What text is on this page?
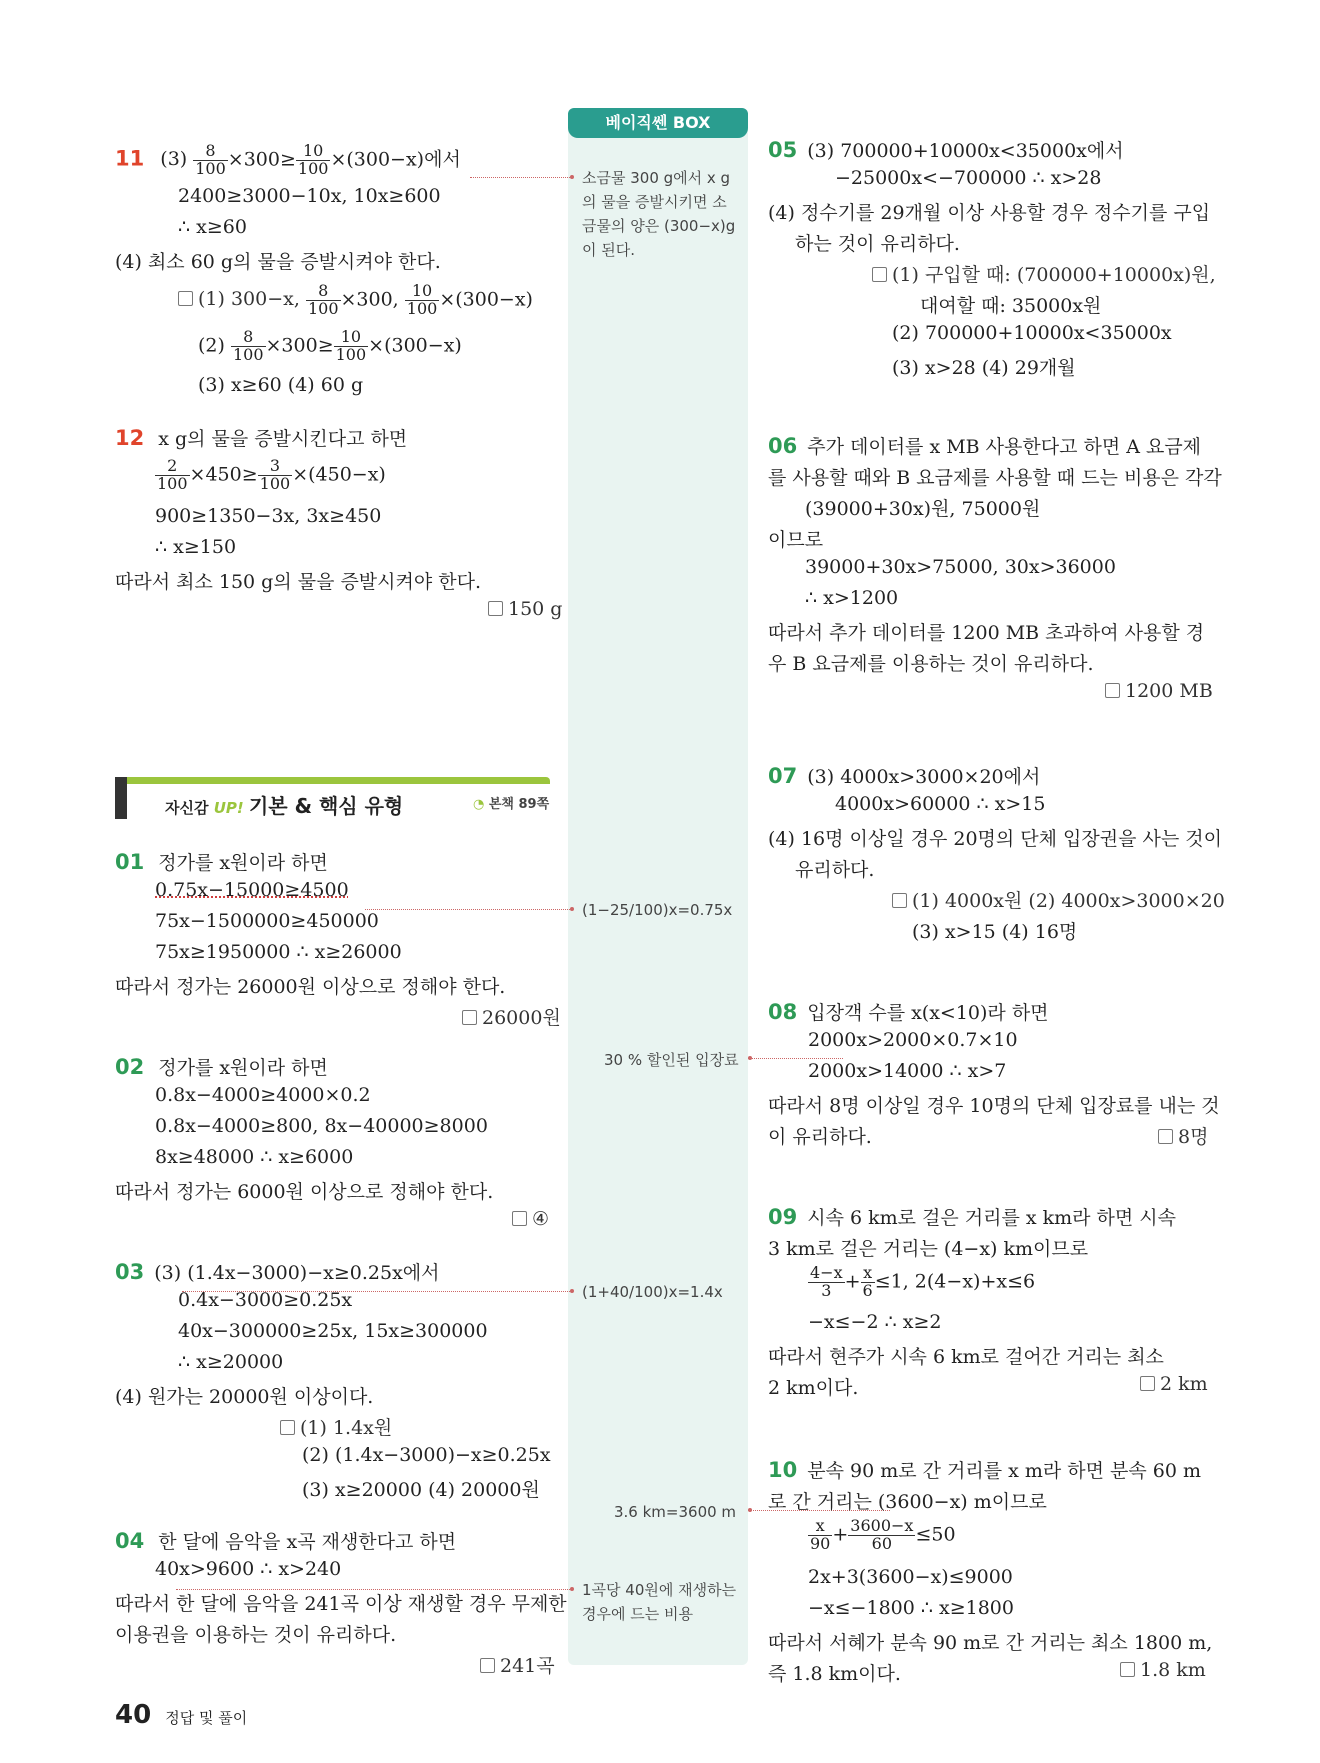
베이직쎈 BOX
소금물 300 g에서 x g의 물을 증발시키면 소금물의 양은 (300−x)g이 된다.
(1−25/100)x=0.75x
30 % 할인된 입장료
(1+40/100)x=1.4x
3.6 km=3600 m
1곡당 40원에 재생하는 경우에 드는 비용
11 $(3) \frac{8}{100} \times 300\ge \frac{10}{100} \times(300-x)$에서
2400≥3000−10x, 10x≥600
∴ x≥60
(4) 최소 60 g의 물을 증발시켜야 한다.
(1) 300−x, $\frac{8}{100} \times 300$, $\frac{10}{100} \times(300-x)$
$(2) \frac{8}{100} \times 300\ge \frac{10}{100} \times(300-x)$
(3) x≥60 (4) 60 g
12 x g의 물을 증발시킨다고 하면
$\frac{2}{100} \times 450\ge \frac{3}{100} \times(450-x)$
900≥1350−3x, 3x≥450
∴ x≥150
따라서 최소 150 g의 물을 증발시켜야 한다.
150 g
자신감 UP! 기본 & 핵심 유형	◔ 본책 89쪽
01 정가를 x원이라 하면
0.75x−15000≥4500
75x−1500000≥450000
75x≥1950000 ∴ x≥26000
따라서 정가는 26000원 이상으로 정해야 한다.
26000원
02 정가를 x원이라 하면
0.8x−4000≥4000×0.2
0.8x−4000≥800, 8x−40000≥8000
8x≥48000 ∴ x≥6000
따라서 정가는 6000원 이상으로 정해야 한다.
④
03 (3) (1.4x−3000)−x≥0.25x에서
0.4x−3000≥0.25x
40x−300000≥25x, 15x≥300000
∴ x≥20000
(4) 원가는 20000원 이상이다.
(1) 1.4x원
(2) (1.4x−3000)−x≥0.25x
(3) x≥20000 (4) 20000원
04 한 달에 음악을 x곡 재생한다고 하면
40x>9600 ∴ x>240
따라서 한 달에 음악을 241곡 이상 재생할 경우 무제한
이용권을 이용하는 것이 유리하다.
241곡
05 (3) 700000+10000x<35000x에서
−25000x<−700000 ∴ x>28
(4) 정수기를 29개월 이상 사용할 경우 정수기를 구입
하는 것이 유리하다.
(1) 구입할 때: (700000+10000x)원,
대여할 때: 35000x원
(2) 700000+10000x<35000x
(3) x>28 (4) 29개월
06 추가 데이터를 x MB 사용한다고 하면 A 요금제
를 사용할 때와 B 요금제를 사용할 때 드는 비용은 각각
(39000+30x)원, 75000원
이므로
39000+30x>75000, 30x>36000
∴ x>1200
따라서 추가 데이터를 1200 MB 초과하여 사용할 경
우 B 요금제를 이용하는 것이 유리하다.
1200 MB
07 (3) 4000x>3000×20에서
4000x>60000 ∴ x>15
(4) 16명 이상일 경우 20명의 단체 입장권을 사는 것이
유리하다.
(1) 4000x원 (2) 4000x>3000×20
(3) x>15 (4) 16명
08 입장객 수를 x(x<10)라 하면
2000x>2000×0.7×10
2000x>14000 ∴ x>7
따라서 8명 이상일 경우 10명의 단체 입장료를 내는 것
이 유리하다.	8명
09 시속 6 km로 걸은 거리를 x km라 하면 시속
3 km로 걸은 거리는 (4−x) km이므로
$\frac{4-x}{3} + \frac{x}{6} \le 1$, 2(4−x)+x≤6
−x≤−2 ∴ x≥2
따라서 현주가 시속 6 km로 걸어간 거리는 최소
2 km이다.	2 km
10 분속 90 m로 간 거리를 x m라 하면 분속 60 m
로 간 거리는 (3600−x) m이므로
$\frac{x}{90} + \frac{3600-x}{60} \le 50$
2x+3(3600−x)≤9000
−x≤−1800 ∴ x≥1800
따라서 서혜가 분속 90 m로 간 거리는 최소 1800 m,
즉 1.8 km이다.	1.8 km
40 정답 및 풀이
